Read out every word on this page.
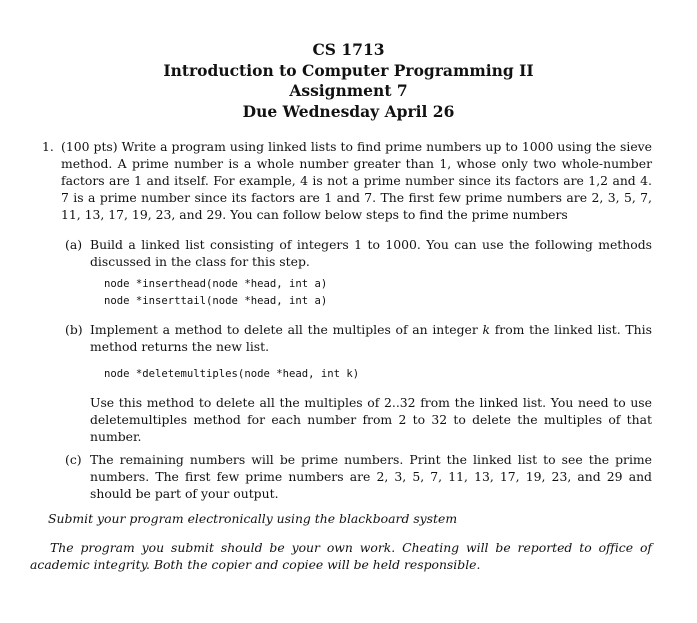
CS 1713
Introduction to Computer Programming II
Assignment 7
Due Wednesday April 26
1. (100 pts) Write a program using linked lists to find prime numbers up to 1000 using the sieve method. A prime number is a whole number greater than 1, whose only two whole-number factors are 1 and itself. For example, 4 is not a prime number since its factors are 1,2 and 4. 7 is a prime number since its factors are 1 and 7. The first few prime numbers are 2, 3, 5, 7, 11, 13, 17, 19, 23, and 29. You can follow below steps to find the prime numbers
(a) Build a linked list consisting of integers 1 to 1000. You can use the following methods discussed in the class for this step.
node *inserthead(node *head, int a)
node *inserttail(node *head, int a)
(b) Implement a method to delete all the multiples of an integer k from the linked list. This method returns the new list.
node *deletemultiples(node *head, int k)
Use this method to delete all the multiples of 2..32 from the linked list. You need to use deletemultiples method for each number from 2 to 32 to delete the multiples of that number.
(c) The remaining numbers will be prime numbers. Print the linked list to see the prime numbers. The first few prime numbers are 2, 3, 5, 7, 11, 13, 17, 19, 23, and 29 and should be part of your output.
Submit your program electronically using the blackboard system
The program you submit should be your own work. Cheating will be reported to office of academic integrity. Both the copier and copiee will be held responsible.
